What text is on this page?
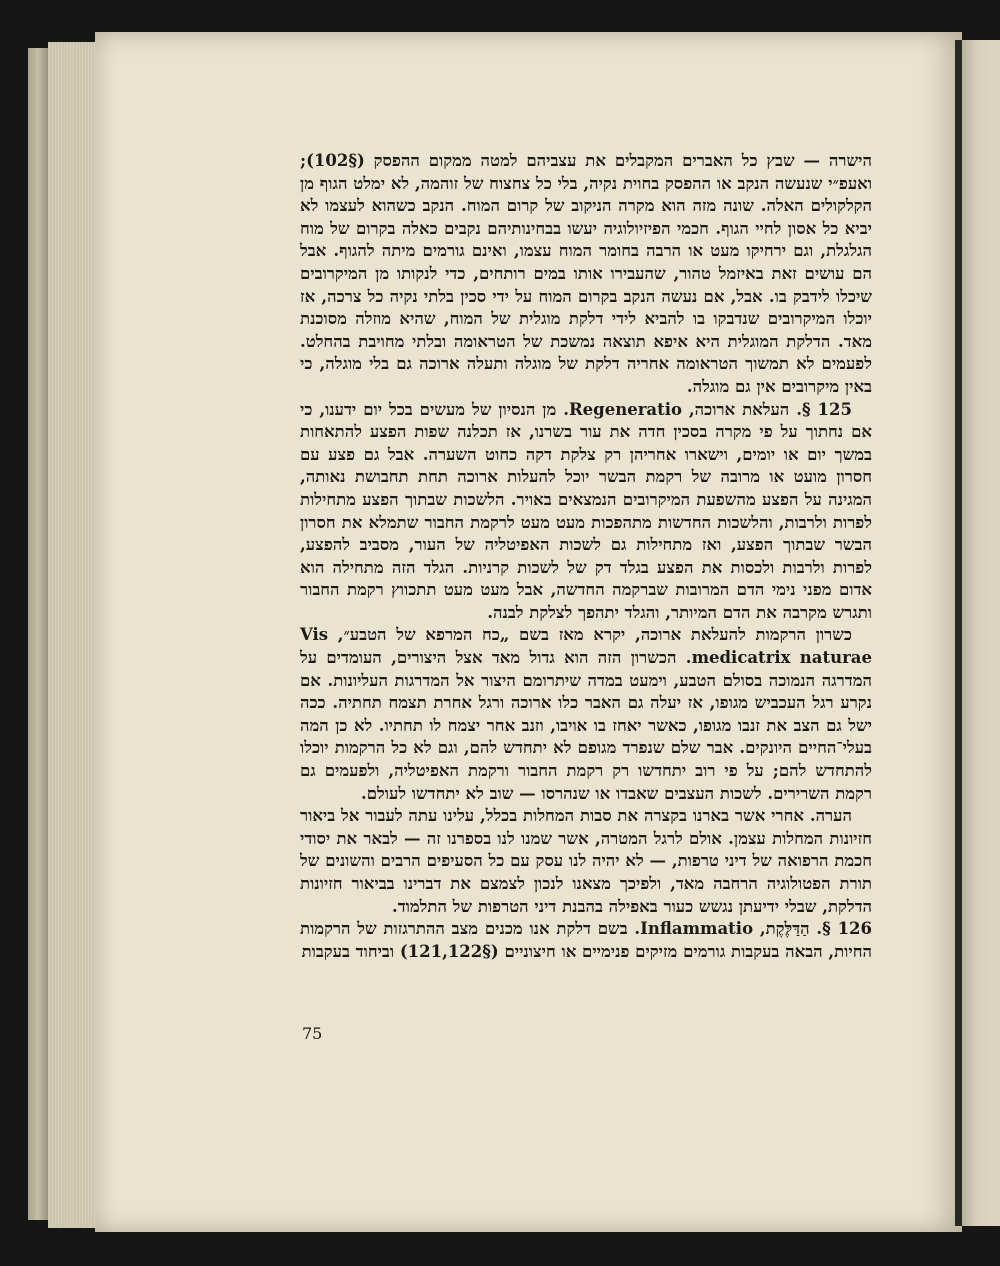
הישרה — שבץ כל האברים המקבלים את עצביהם למטה ממקום ההפסק (§102); ואעפ״י שנעשה הנקב או ההפסק בחוית נקיה, בלי כל צחצוח של זוהמה, לא ימלט הגוף מן הקלקולים האלה. שונה מזה הוא מקרה הניקוב של קרום המוח. הנקב כשהוא לעצמו לא יביא כל אסון לחיי הגוף. חכמי הפיזיולוגיה יעשו בבחינותיהם נקבים כאלה בקרום של מוח הגלגלת, וגם ירחיקו מעט או הרבה בחומר המוח עצמו, ואינם גורמים מיתה להגוף. אבל הם עושים זאת באיזמל טהור, שהעבירו אותו במים רותחים, כדי לנקותו מן המיקרובים שיכלו לידבק בו. אבל, אם נעשה הנקב בקרום המוח על ידי סכין בלתי נקיה כל צרכה, אז יוכלו המיקרובים שנדבקו בו להביא לידי דלקת מוגלית של המוח, שהיא מוזלה מסוכנת מאד. הדלקת המוגלית היא איפא תוצאה נמשכת של הטראומה ובלתי מחויבת בהחלט. לפעמים לא תמשוך הטראומה אחריה דלקת של מוגלה ותעלה ארוכה גם בלי מוגלה, כי באין מיקרובים אין גם מוגלה.

125 §. העלאת ארוכה, Regeneratio. מן הנסיון של מעשים בכל יום ידענו, כי אם נחתוך על פי מקרה בסכין חדה את עור בשרנו, אז תכלנה שפות הפצע להתאחות במשך יום או יומים, וישארו אחריהן רק צלקת דקה כחוט השערה. אבל גם פצע עם חסרון מועט או מרובה של רקמת הבשר יוכל להעלות ארוכה תחת תחבושת נאותה, המגינה על הפצע מהשפעת המיקרובים הנמצאים באויר. הלשכות שבתוך הפצע מתחילות לפרות ולרבות, והלשכות החדשות מתהפכות מעט מעט לרקמת החבור שתמלא את חסרון הבשר שבתוך הפצע, ואז מתחילות גם לשכות האפיטליה של העור, מסביב להפצע, לפרות ולרבות ולכסות את הפצע בגלד דק של לשכות קרניות. הגלד הזה מתחילה הוא אדום מפני נימי הדם המרובות שברקמה החדשה, אבל מעט מעט תתכווץ רקמת החבור ותגרש מקרבה את הדם המיותר, והגלד יתהפך לצלקת לבנה.

כשרון הרקמות להעלאת ארוכה, יקרא מאז בשם „כח המרפא של הטבע״, Vis medicatrix naturae. הכשרון הזה הוא גדול מאד אצל היצורים, העומדים על המדרגה הנמוכה בסולם הטבע, וימעט במדה שיתרומם היצור אל המדרגות העליונות. אם נקרע רגל העכביש מגופו, אז יעלה גם האבר כלו ארוכה ורגל אחרת תצמח תחתיה. ככה ישל גם הצב את זנבו מגופו, כאשר יאחז בו אויבו, וזנב אחר יצמח לו תחתיו. לא כן המה בעלי־החיים היונקים. אבר שלם שנפרד מגופם לא יתחדש להם, וגם לא כל הרקמות יוכלו להתחדש להם; על פי רוב יתחדשו רק רקמת החבור ורקמת האפיטליה, ולפעמים גם רקמת השרירים. לשכות העצבים שאבדו או שנהרסו — שוב לא יתחדשו לעולם.

הערה. אחרי אשר בארנו בקצרה את סבות המחלות בכלל, עלינו עתה לעבור אל ביאור חזיונות המחלות עצמן. אולם לרגל המטרה, אשר שמנו לנו בספרנו זה — לבאר את יסודי חכמת הרפואה של דיני טרפות, — לא יהיה לנו עסק עם כל הסעיפים הרבים והשונים של תורת הפטולוגיה הרחבה מאד, ולפיכך מצאנו לנכון לצמצם את דברינו בביאור חזיונות הדלקת, שבלי ידיעתן נגשש כעור באפילה בהבנת דיני הטרפות של התלמוד.

126 §. הַדַּלֶּקֶת, Inflammatio. בשם דלקת אנו מכנים מצב ההתרגזות של הרקמות החיות, הבאה בעקבות גורמים מזיקים פנימיים או חיצוניים (§121,122) וביחוד בעקבות

75
